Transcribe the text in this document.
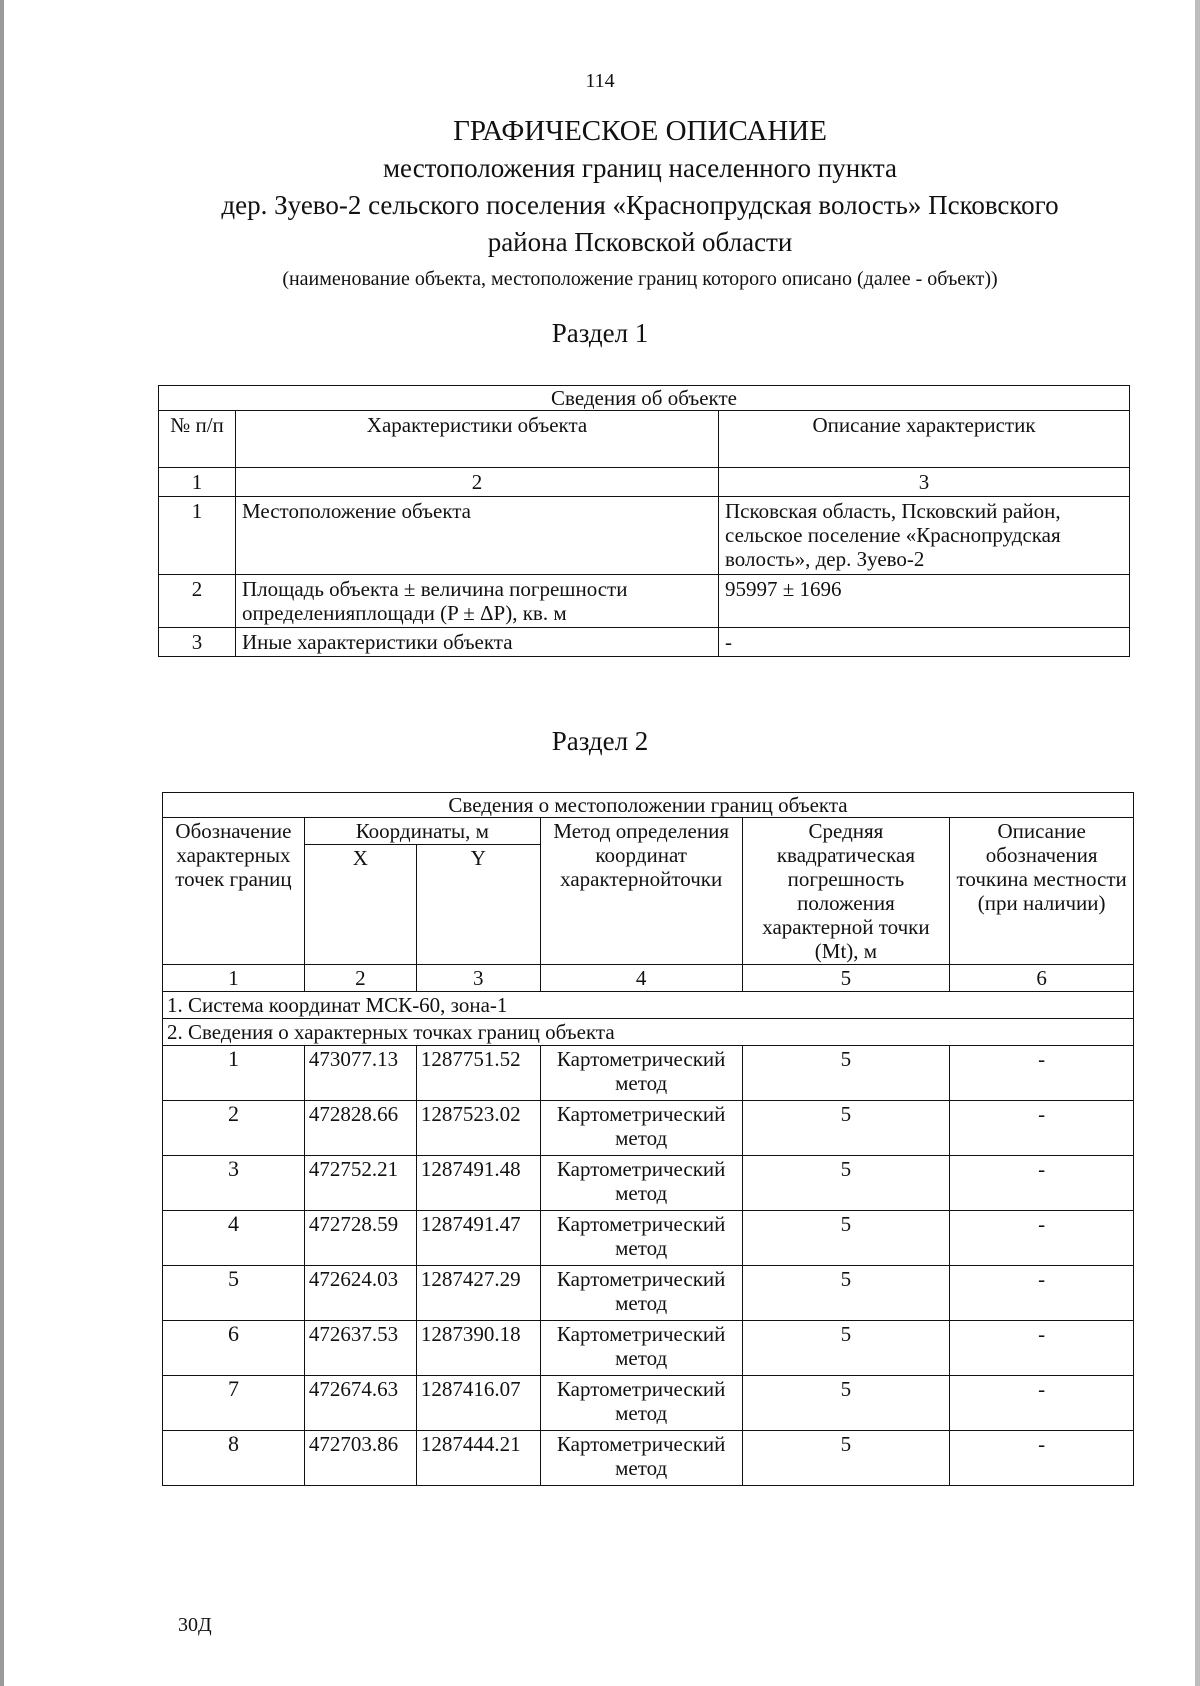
114
ГРАФИЧЕСКОЕ ОПИСАНИЕ
местоположения границ населенного пункта
дер. Зуево-2 сельского поселения «Краснопрудская волость» Псковского
района Псковской области
(наименование объекта, местоположение границ которого описано (далее - объект))
Раздел 1
Сведения об объекте		
№ п/п	Характеристики объекта	Описание характеристик
1	2	3
1	Местоположение объекта	Псковская область, Псковский район, сельское поселение «Краснопрудская волость», дер. Зуево-2
2	Площадь объекта ± величина погрешности определенияплощади (P ± ΔP), кв. м	95997 ± 1696
3	Иные характеристики объекта	-
Раздел 2
Сведения о местоположении границ объекта					
Обозначение характерных точек границ	Координаты, м		Метод определения координат характернойточки	Средняя квадратическая погрешность положения характерной точки (Mt), м	Описание обозначения точкина местности (при наличии)
	X	Y			
1	2	3	4	5	6
1. Система координат МСК-60, зона-1					
2. Сведения о характерных точках границ объекта					
1	473077.13	1287751.52	Картометрический метод	5	-
2	472828.66	1287523.02	Картометрический метод	5	-
3	472752.21	1287491.48	Картометрический метод	5	-
4	472728.59	1287491.47	Картометрический метод	5	-
5	472624.03	1287427.29	Картометрический метод	5	-
6	472637.53	1287390.18	Картометрический метод	5	-
7	472674.63	1287416.07	Картометрический метод	5	-
8	472703.86	1287444.21	Картометрический метод	5	-
30Д
